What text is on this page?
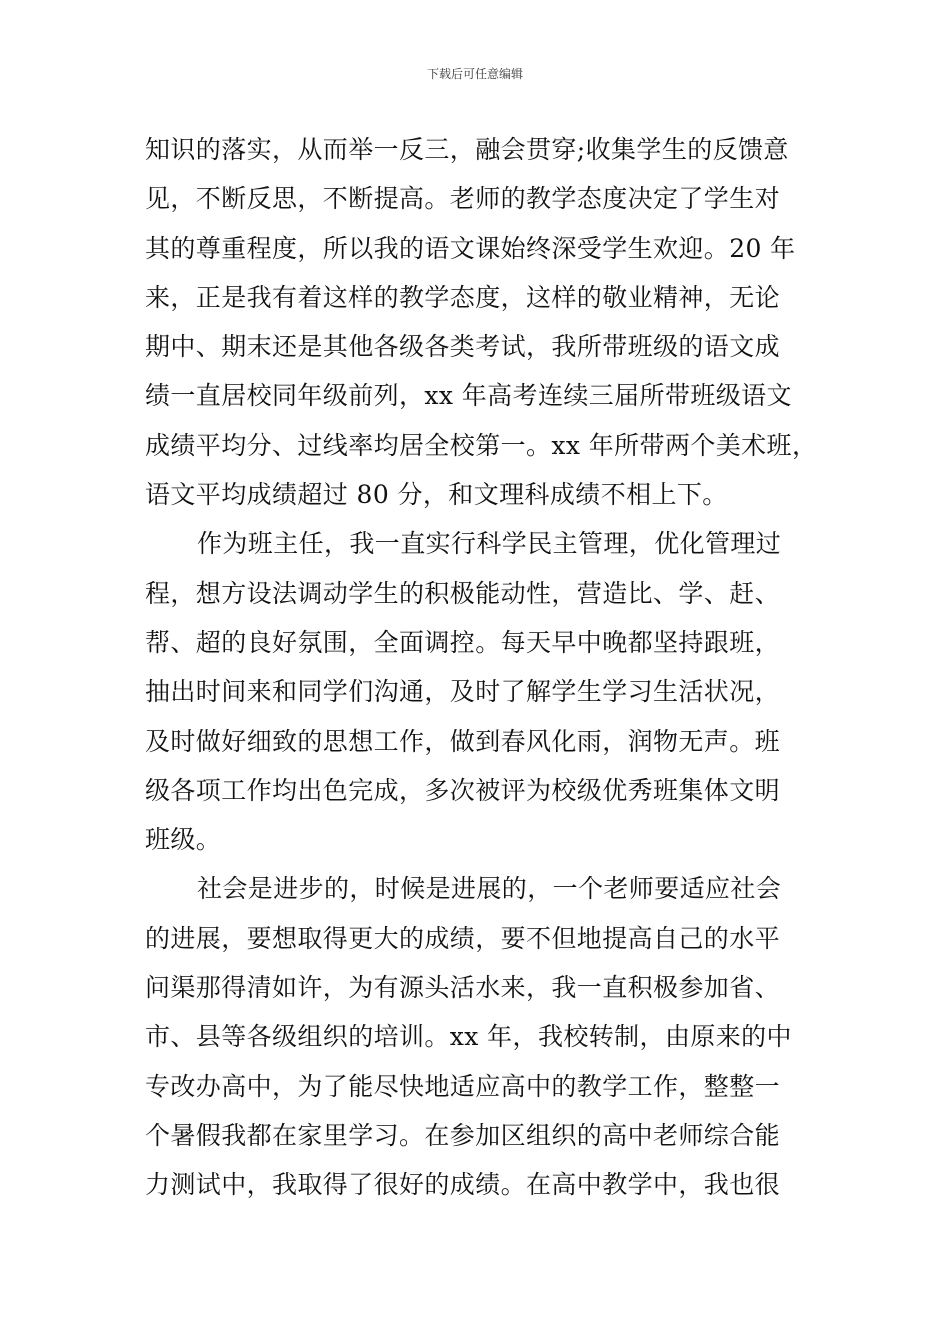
下载后可任意编辑
知识的落实，从而举一反三，融会贯穿;收集学生的反馈意
见，不断反思，不断提高。老师的教学态度决定了学生对
其的尊重程度，所以我的语文课始终深受学生欢迎。20 年
来，正是我有着这样的教学态度，这样的敬业精神，无论
期中、期末还是其他各级各类考试，我所带班级的语文成
绩一直居校同年级前列，xx 年高考连续三届所带班级语文
成绩平均分、过线率均居全校第一。xx 年所带两个美术班，
语文平均成绩超过 80 分，和文理科成绩不相上下。
作为班主任，我一直实行科学民主管理，优化管理过
程，想方设法调动学生的积极能动性，营造比、学、赶、
帮、超的良好氛围，全面调控。每天早中晚都坚持跟班，
抽出时间来和同学们沟通，及时了解学生学习生活状况，
及时做好细致的思想工作，做到春风化雨，润物无声。班
级各项工作均出色完成，多次被评为校级优秀班集体文明
班级。
社会是进步的，时候是进展的，一个老师要适应社会
的进展，要想取得更大的成绩，要不但地提高自己的水平
问渠那得清如许，为有源头活水来，我一直积极参加省、
市、县等各级组织的培训。xx 年，我校转制，由原来的中
专改办高中，为了能尽快地适应高中的教学工作，整整一
个暑假我都在家里学习。在参加区组织的高中老师综合能
力测试中，我取得了很好的成绩。在高中教学中，我也很
